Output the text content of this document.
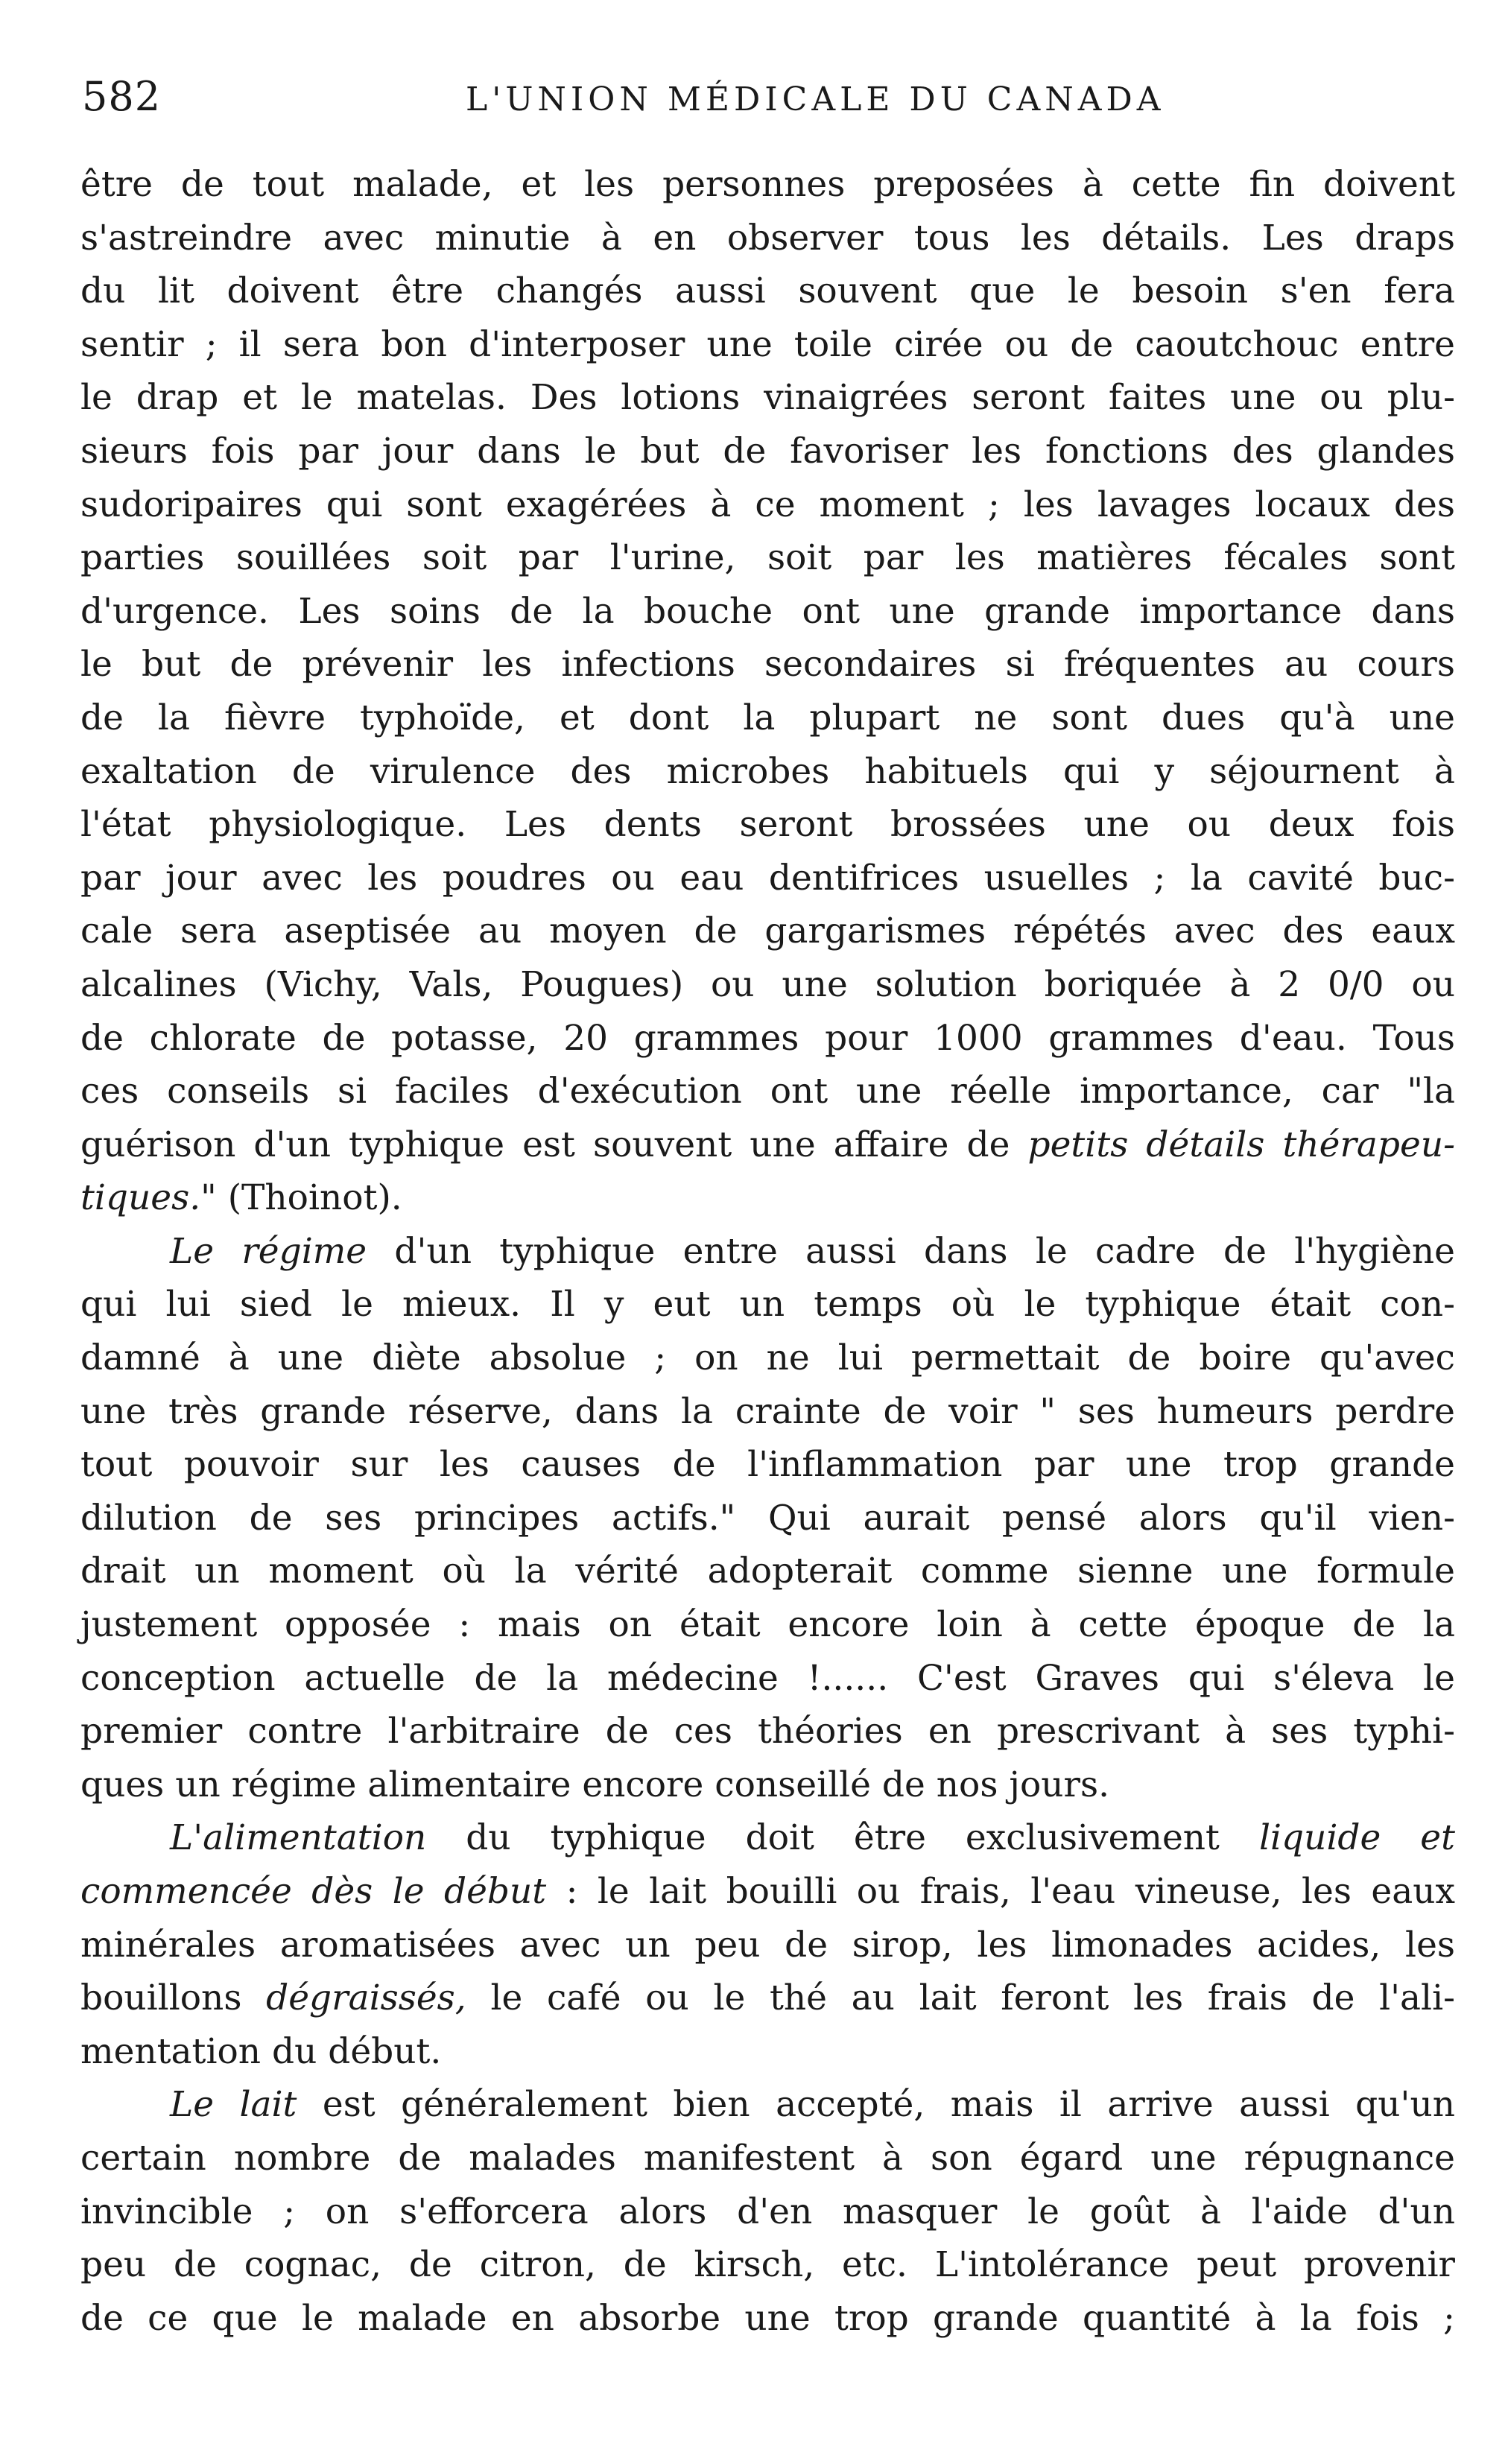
582	L'UNION MÉDICALE DU CANADA
être de tout malade, et les personnes preposées à cette fin doivent
s'astreindre avec minutie à en observer tous les détails. Les draps
du lit doivent être changés aussi souvent que le besoin s'en fera
sentir ; il sera bon d'interposer une toile cirée ou de caoutchouc entre
le drap et le matelas. Des lotions vinaigrées seront faites une ou plu-
sieurs fois par jour dans le but de favoriser les fonctions des glandes
sudoripaires qui sont exagérées à ce moment ; les lavages locaux des
parties souillées soit par l'urine, soit par les matières fécales sont
d'urgence. Les soins de la bouche ont une grande importance dans
le but de prévenir les infections secondaires si fréquentes au cours
de la fièvre typhoïde, et dont la plupart ne sont dues qu'à une
exaltation de virulence des microbes habituels qui y séjournent à
l'état physiologique. Les dents seront brossées une ou deux fois
par jour avec les poudres ou eau dentifrices usuelles ; la cavité buc-
cale sera aseptisée au moyen de gargarismes répétés avec des eaux
alcalines (Vichy, Vals, Pougues) ou une solution boriquée à 2 0/0 ou
de chlorate de potasse, 20 grammes pour 1000 grammes d'eau. Tous
ces conseils si faciles d'exécution ont une réelle importance, car "la
guérison d'un typhique est souvent une affaire de petits détails thérapeu-
tiques." (Thoinot).
Le régime d'un typhique entre aussi dans le cadre de l'hygiène
qui lui sied le mieux. Il y eut un temps où le typhique était con-
damné à une diète absolue ; on ne lui permettait de boire qu'avec
une très grande réserve, dans la crainte de voir " ses humeurs perdre
tout pouvoir sur les causes de l'inflammation par une trop grande
dilution de ses principes actifs." Qui aurait pensé alors qu'il vien-
drait un moment où la vérité adopterait comme sienne une formule
justement opposée : mais on était encore loin à cette époque de la
conception actuelle de la médecine !...... C'est Graves qui s'éleva le
premier contre l'arbitraire de ces théories en prescrivant à ses typhi-
ques un régime alimentaire encore conseillé de nos jours.
L'alimentation du typhique doit être exclusivement liquide et
commencée dès le début : le lait bouilli ou frais, l'eau vineuse, les eaux
minérales aromatisées avec un peu de sirop, les limonades acides, les
bouillons dégraissés, le café ou le thé au lait feront les frais de l'ali-
mentation du début.
Le lait est généralement bien accepté, mais il arrive aussi qu'un
certain nombre de malades manifestent à son égard une répugnance
invincible ; on s'efforcera alors d'en masquer le goût à l'aide d'un
peu de cognac, de citron, de kirsch, etc. L'intolérance peut provenir
de ce que le malade en absorbe une trop grande quantité à la fois ;
